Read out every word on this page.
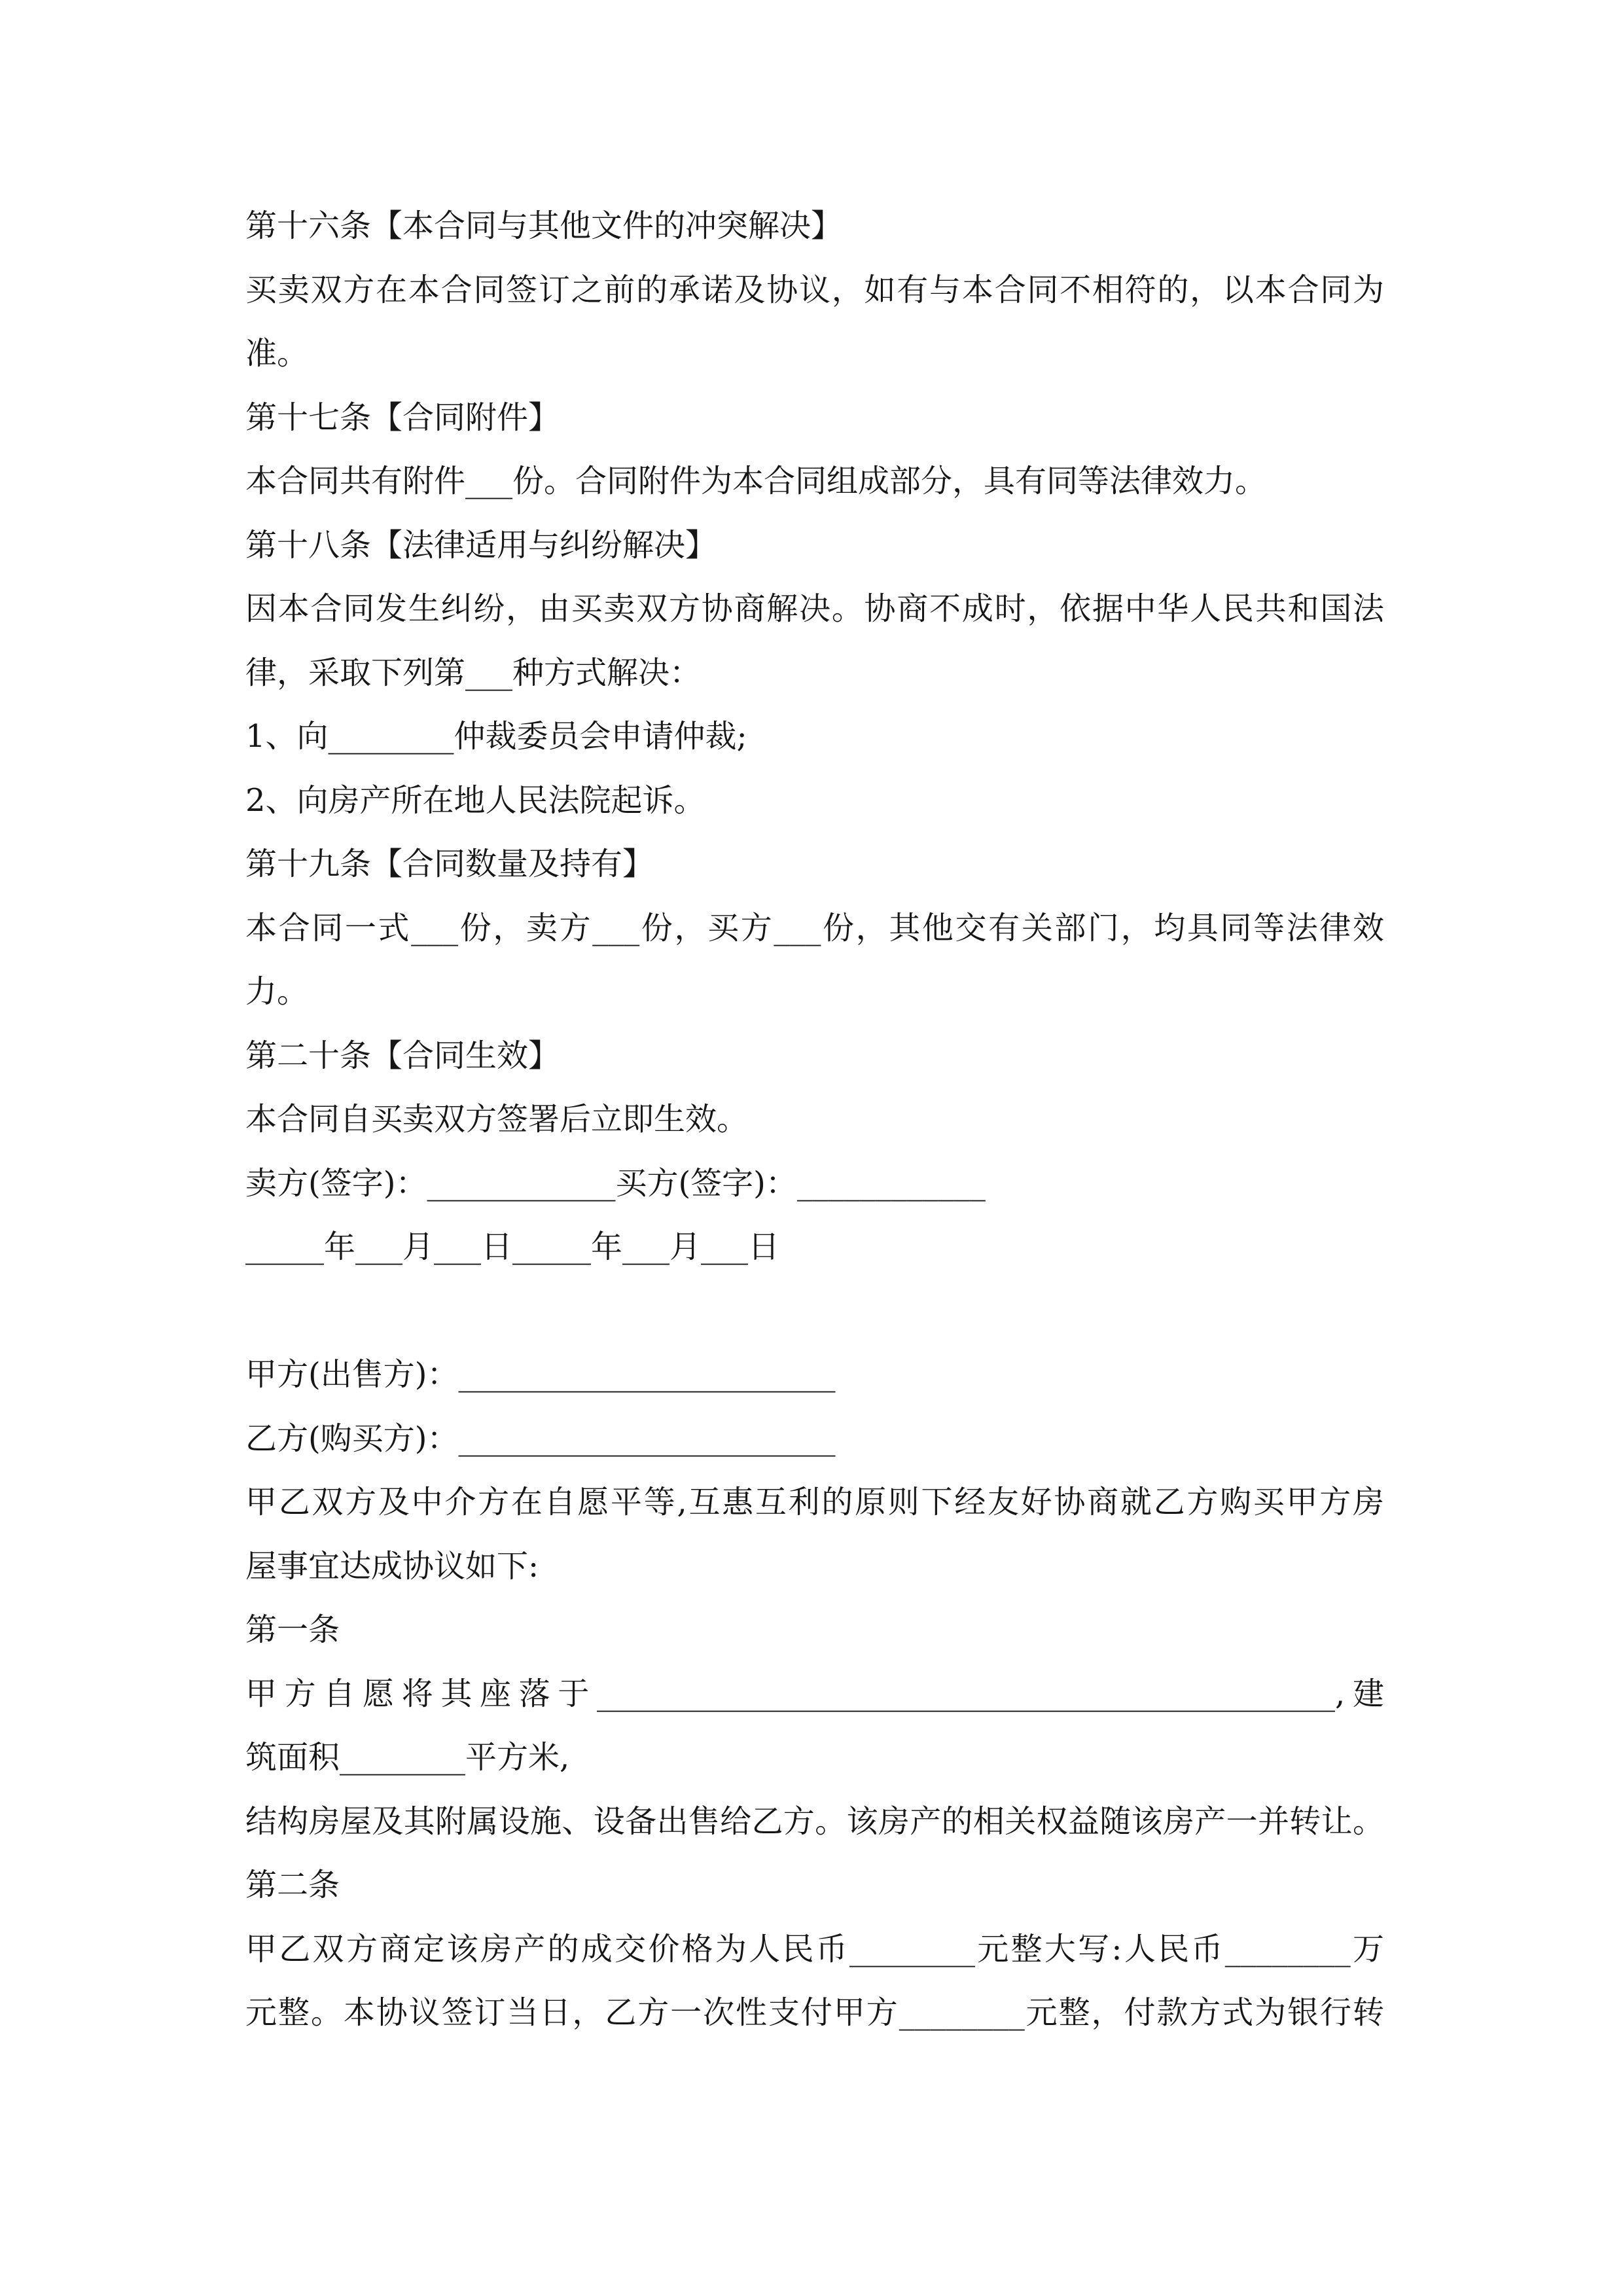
第十六条【本合同与其他文件的冲突解决】

买卖双方在本合同签订之前的承诺及协议，如有与本合同不相符的，以本合同为

准。

第十七条【合同附件】

本合同共有附件___份。合同附件为本合同组成部分，具有同等法律效力。

第十八条【法律适用与纠纷解决】

因本合同发生纠纷，由买卖双方协商解决。协商不成时，依据中华人民共和国法

律，采取下列第___种方式解决：

1、向________仲裁委员会申请仲裁;

2、向房产所在地人民法院起诉。

第十九条【合同数量及持有】

本合同一式___份，卖方___份，买方___份，其他交有关部门，均具同等法律效

力。

第二十条【合同生效】

本合同自买卖双方签署后立即生效。

卖方(签字)：____________买方(签字)：____________

_____年___月___日_____年___月___日

甲方(出售方)：________________________

乙方(购买方)：________________________

甲乙双方及中介方在自愿平等,互惠互利的原则下经友好协商就乙方购买甲方房

屋事宜达成协议如下:

第一条

甲方自愿将其座落于_______________________________________________,建

筑面积________平方米,

结构房屋及其附属设施、设备出售给乙方。该房产的相关权益随该房产一并转让。

第二条

甲乙双方商定该房产的成交价格为人民币________元整大写:人民币________万

元整。本协议签订当日，乙方一次性支付甲方________元整，付款方式为银行转
